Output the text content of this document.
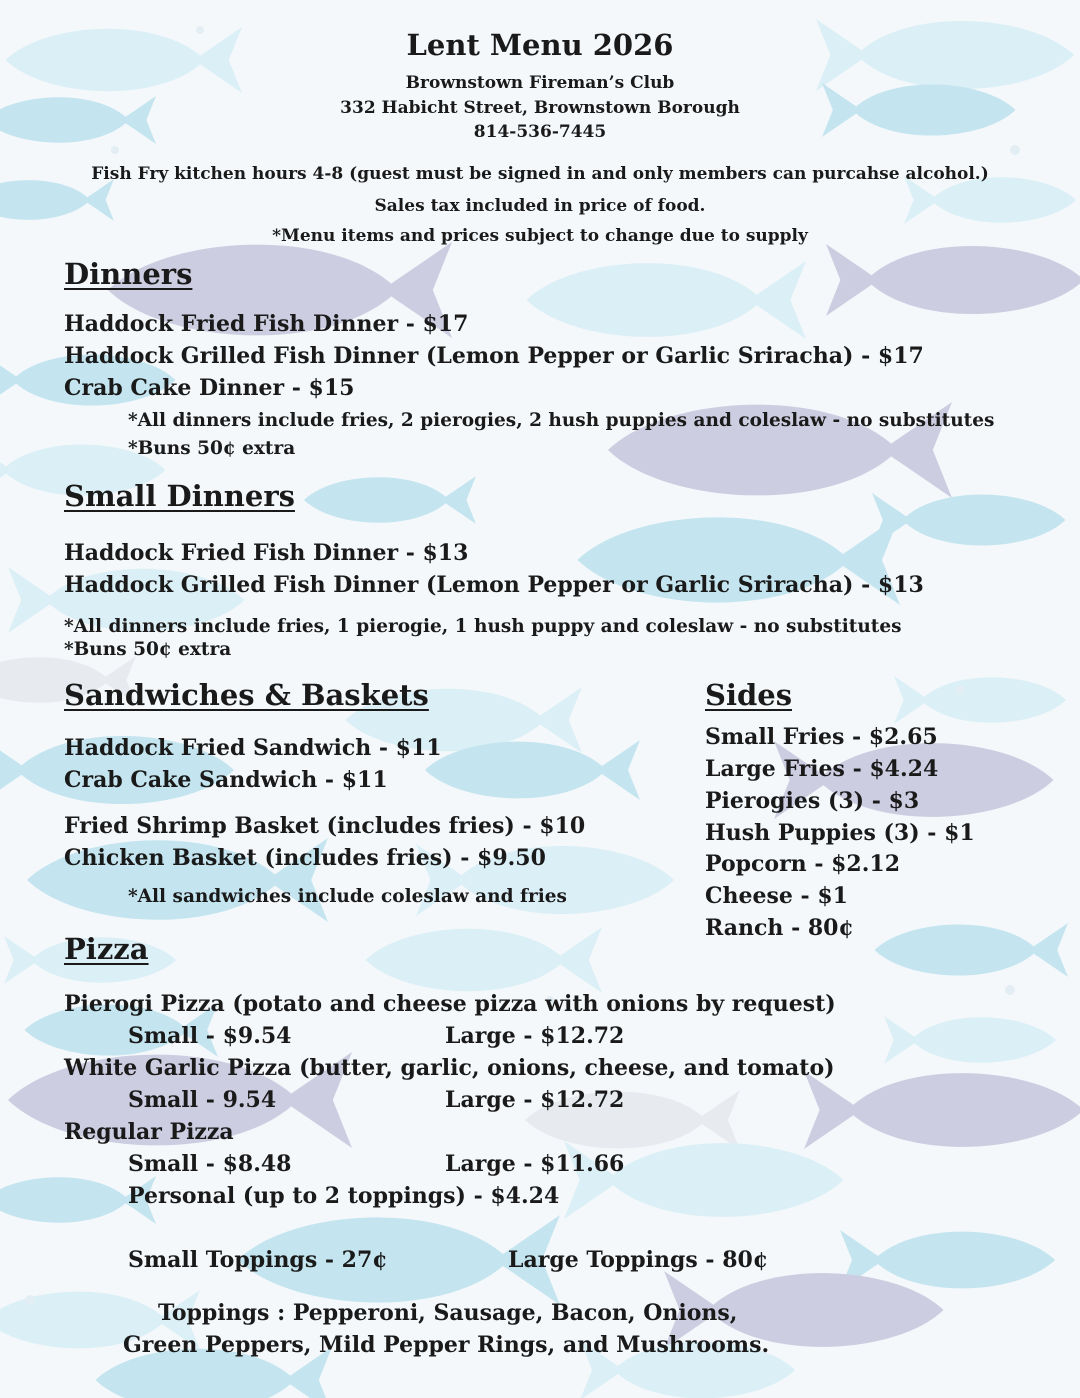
Lent Menu 2026
Brownstown Fireman’s Club
332 Habicht Street, Brownstown Borough
814-536-7445
Fish Fry kitchen hours 4-8 (guest must be signed in and only members can purcahse alcohol.)
Sales tax included in price of food.
*Menu items and prices subject to change due to supply
Dinners
Haddock Fried Fish Dinner - $17
Haddock Grilled Fish Dinner (Lemon Pepper or Garlic Sriracha) - $17
Crab Cake Dinner - $15
*All dinners include fries, 2 pierogies, 2 hush puppies and coleslaw - no substitutes
*Buns 50¢ extra
Small Dinners
Haddock Fried Fish Dinner - $13
Haddock Grilled Fish Dinner (Lemon Pepper or Garlic Sriracha) - $13
*All dinners include fries, 1 pierogie, 1 hush puppy and coleslaw - no substitutes
*Buns 50¢ extra
Sandwiches & Baskets
Haddock Fried Sandwich - $11
Crab Cake Sandwich - $11
Fried Shrimp Basket (includes fries) - $10
Chicken Basket (includes fries) - $9.50
*All sandwiches include coleslaw and fries
Sides
Small Fries - $2.65
Large Fries - $4.24
Pierogies (3) - $3
Hush Puppies (3) - $1
Popcorn - $2.12
Cheese - $1
Ranch - 80¢
Pizza
Pierogi Pizza (potato and cheese pizza with onions by request)
Small - $9.54	Large - $12.72
White Garlic Pizza (butter, garlic, onions, cheese, and tomato)
Small - 9.54	Large - $12.72
Regular Pizza
Small - $8.48	Large - $11.66
Personal (up to 2 toppings) - $4.24
Small Toppings - 27¢	Large Toppings - 80¢
Toppings : Pepperoni, Sausage, Bacon, Onions,
Green Peppers, Mild Pepper Rings, and Mushrooms.
